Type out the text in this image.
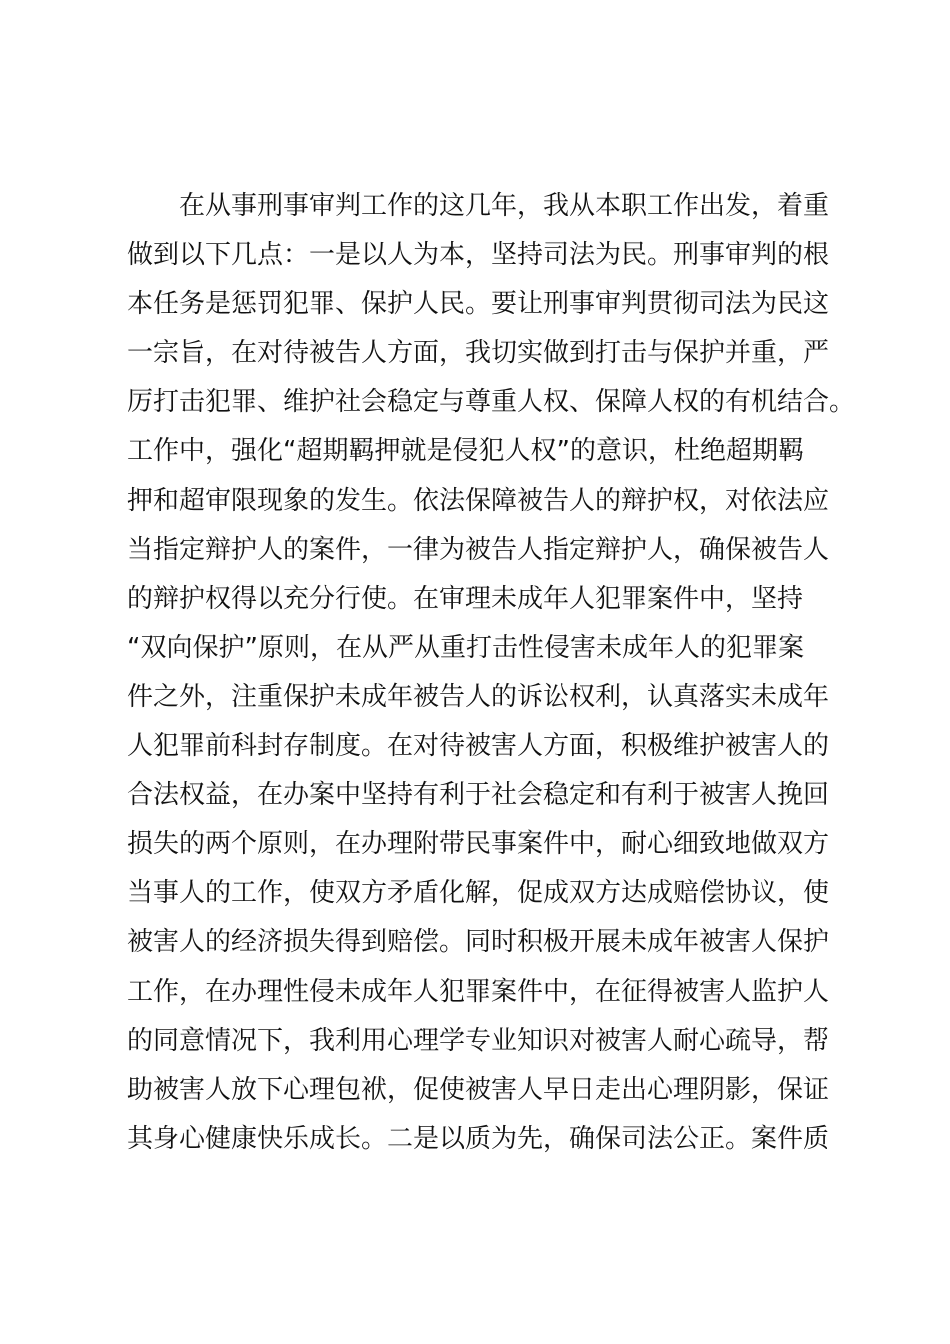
　　在从事刑事审判工作的这几年，我从本职工作出发，着重
做到以下几点：一是以人为本，坚持司法为民。刑事审判的根
本任务是惩罚犯罪、保护人民。要让刑事审判贯彻司法为民这
一宗旨，在对待被告人方面，我切实做到打击与保护并重，严
厉打击犯罪、维护社会稳定与尊重人权、保障人权的有机结合。
工作中，强化“超期羁押就是侵犯人权”的意识，杜绝超期羁
押和超审限现象的发生。依法保障被告人的辩护权，对依法应
当指定辩护人的案件，一律为被告人指定辩护人，确保被告人
的辩护权得以充分行使。在审理未成年人犯罪案件中，坚持
“双向保护”原则，在从严从重打击性侵害未成年人的犯罪案
件之外，注重保护未成年被告人的诉讼权利，认真落实未成年
人犯罪前科封存制度。在对待被害人方面，积极维护被害人的
合法权益，在办案中坚持有利于社会稳定和有利于被害人挽回
损失的两个原则，在办理附带民事案件中，耐心细致地做双方
当事人的工作，使双方矛盾化解，促成双方达成赔偿协议，使
被害人的经济损失得到赔偿。同时积极开展未成年被害人保护
工作，在办理性侵未成年人犯罪案件中，在征得被害人监护人
的同意情况下，我利用心理学专业知识对被害人耐心疏导，帮
助被害人放下心理包袱，促使被害人早日走出心理阴影，保证
其身心健康快乐成长。二是以质为先，确保司法公正。案件质
